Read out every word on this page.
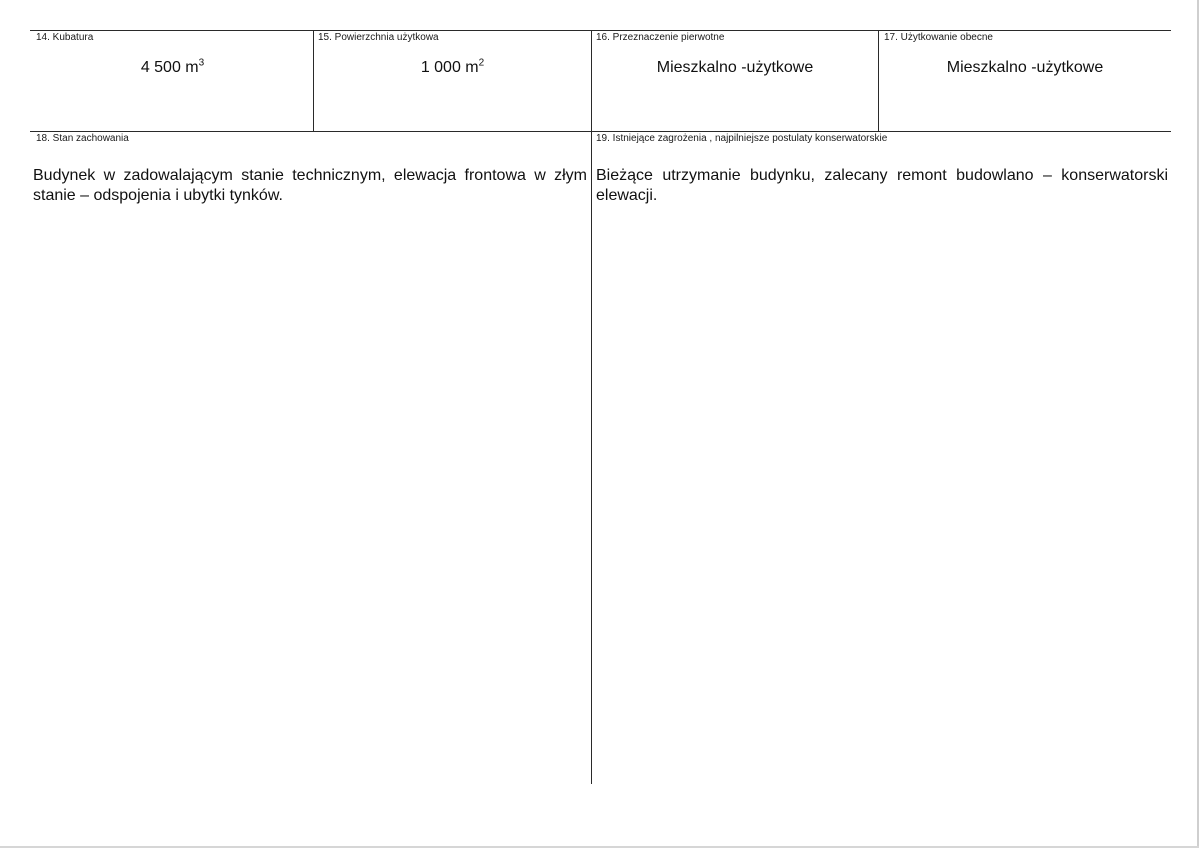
14. Kubatura
4 500 $m^3$
15. Powierzchnia użytkowa
1 000 $m^2$
16. Przeznaczenie pierwotne
Mieszkalno -użytkowe
17. Użytkowanie obecne
Mieszkalno -użytkowe
18. Stan zachowania
Budynek w zadowalającym stanie technicznym, elewacja frontowa w złym stanie – odspojenia i ubytki tynków.
19. Istniejące zagrożenia , najpilniejsze postulaty konserwatorskie
Bieżące utrzymanie budynku, zalecany remont budowlano – konserwatorski elewacji.
